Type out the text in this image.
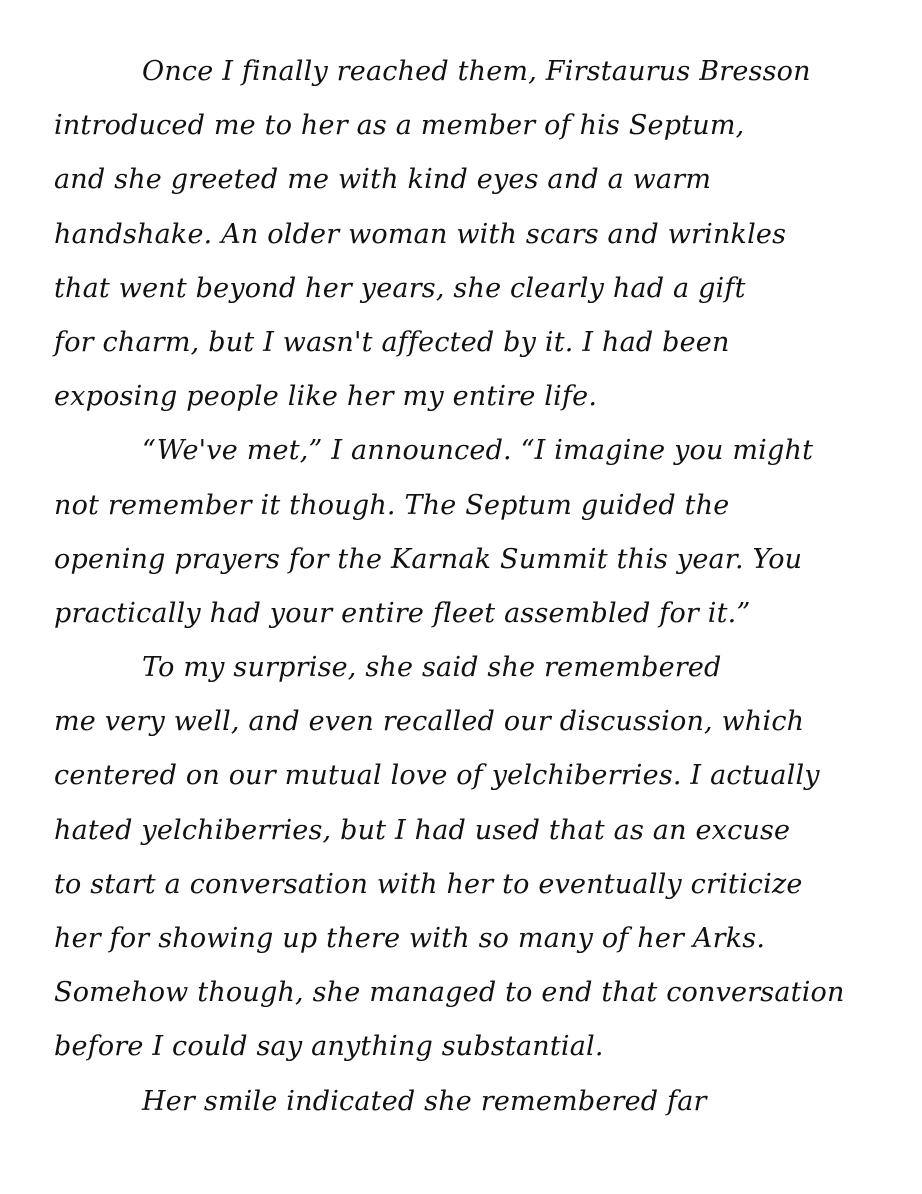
Once I finally reached them, Firstaurus Bresson
introduced me to her as a member of his Septum,
and she greeted me with kind eyes and a warm
handshake. An older woman with scars and wrinkles
that went beyond her years, she clearly had a gift
for charm, but I wasn't affected by it. I had been
exposing people like her my entire life.
“We've met,” I announced. “I imagine you might
not remember it though. The Septum guided the
opening prayers for the Karnak Summit this year. You
practically had your entire fleet assembled for it.”
To my surprise, she said she remembered
me very well, and even recalled our discussion, which
centered on our mutual love of yelchiberries. I actually
hated yelchiberries, but I had used that as an excuse
to start a conversation with her to eventually criticize
her for showing up there with so many of her Arks.
Somehow though, she managed to end that conversation
before I could say anything substantial.
Her smile indicated she remembered far
